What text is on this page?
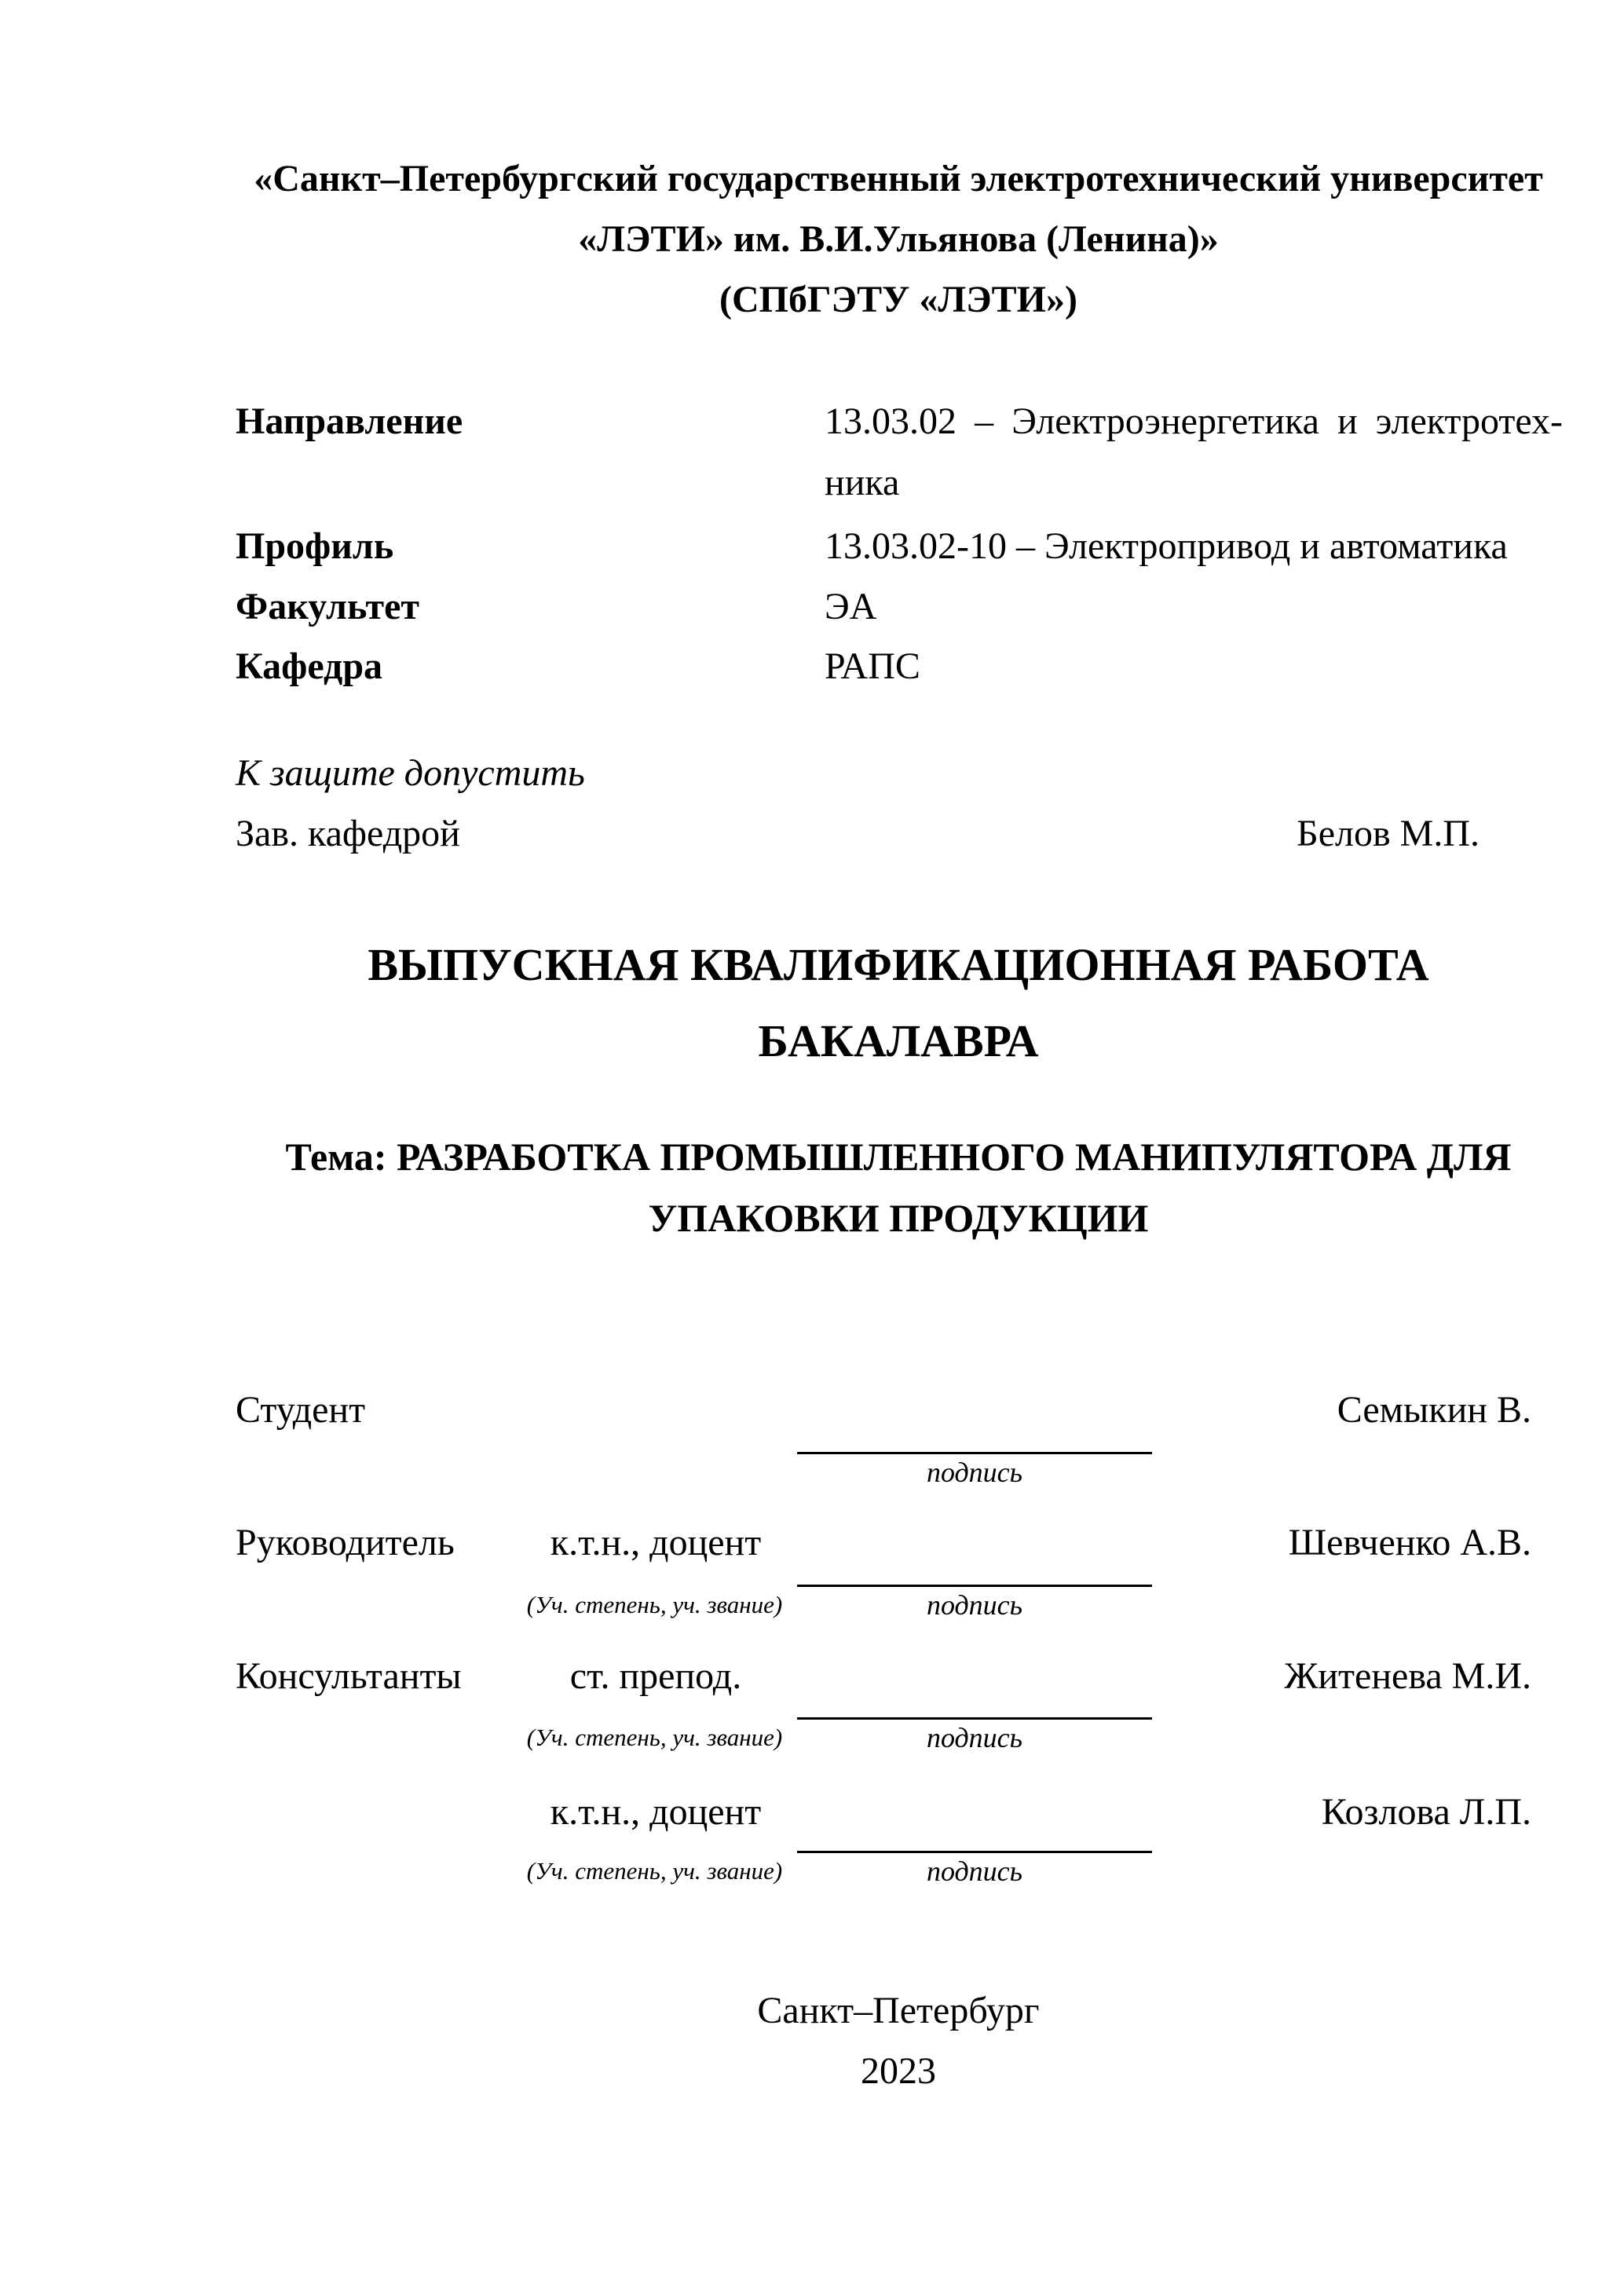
«Санкт–Петербургский государственный электротехнический университет
«ЛЭТИ» им. В.И.Ульянова (Ленина)»
(СПбГЭТУ «ЛЭТИ»)
Направление	13.03.02 – Электроэнергетика и электротех-
ника
Профиль	13.03.02-10 – Электропривод и автоматика
Факультет	ЭА
Кафедра	РАПС
К защите допустить
Зав. кафедрой	Белов М.П.
ВЫПУСКНАЯ КВАЛИФИКАЦИОННАЯ РАБОТА
БАКАЛАВРА
Тема: РАЗРАБОТКА ПРОМЫШЛЕННОГО МАНИПУЛЯТОРА ДЛЯ
УПАКОВКИ ПРОДУКЦИИ
Студент	Семыкин В.
подпись
Руководитель	к.т.н., доцент	Шевченко А.В.
(Уч. степень, уч. звание)	подпись
Консультанты	ст. препод.	Житенева М.И.
(Уч. степень, уч. звание)	подпись
к.т.н., доцент	Козлова Л.П.
(Уч. степень, уч. звание)	подпись
Санкт–Петербург
2023
